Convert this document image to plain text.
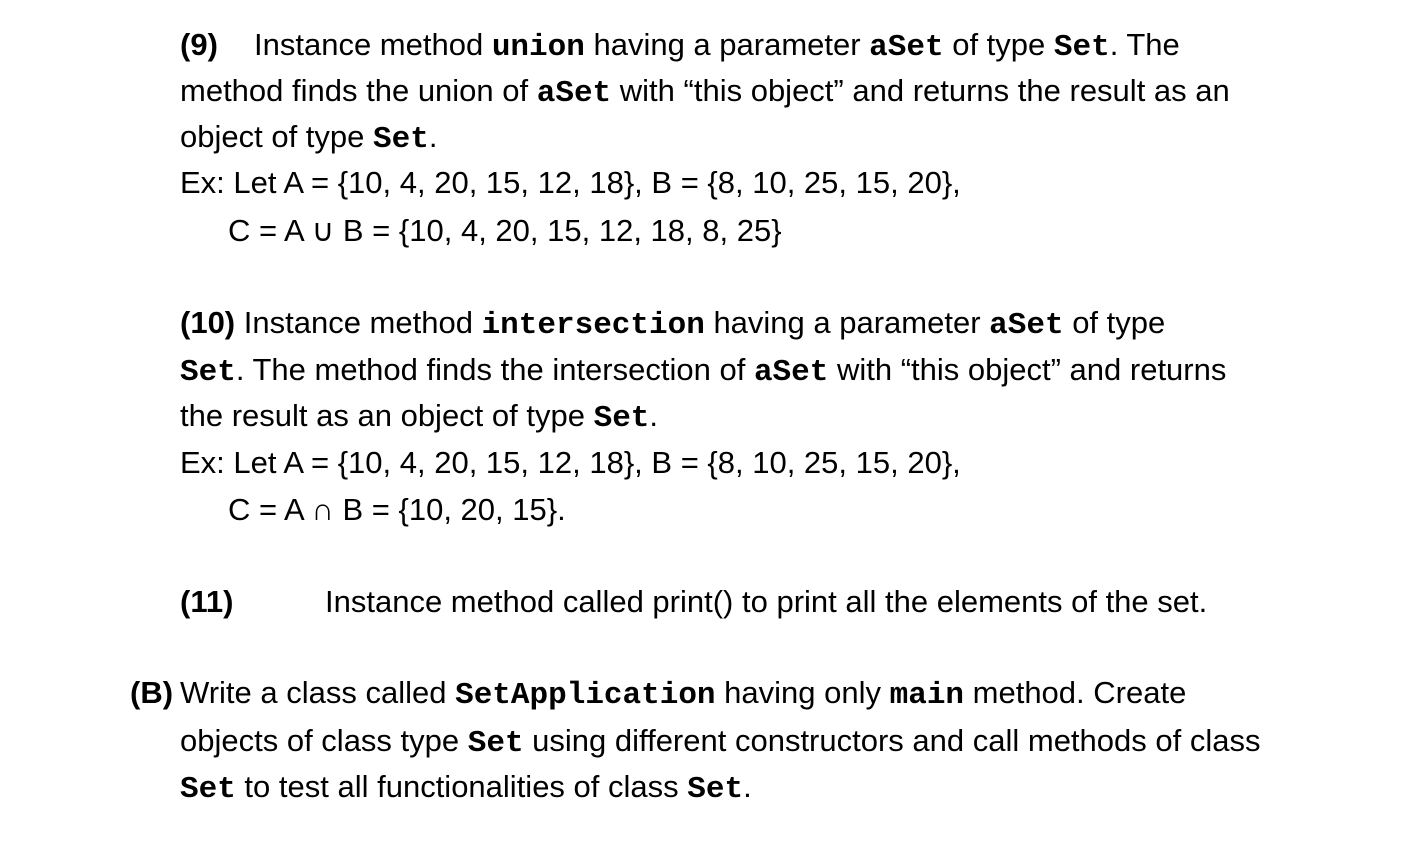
(9) Instance method union having a parameter aSet of type Set. The
method finds the union of aSet with “this object” and returns the result as an
object of type Set.
Ex: Let A = {10, 4, 20, 15, 12, 18}, B = {8, 10, 25, 15, 20},
C = A ∪ B = {10, 4, 20, 15, 12, 18, 8, 25}
(10) Instance method intersection having a parameter aSet of type
Set. The method finds the intersection of aSet with “this object” and returns
the result as an object of type Set.
Ex: Let A = {10, 4, 20, 15, 12, 18}, B = {8, 10, 25, 15, 20},
C = A ∩ B = {10, 20, 15}.
(11)	Instance method called print() to print all the elements of the set.
(B) Write a class called SetApplication having only main method. Create
objects of class type Set using different constructors and call methods of class
Set to test all functionalities of class Set.
